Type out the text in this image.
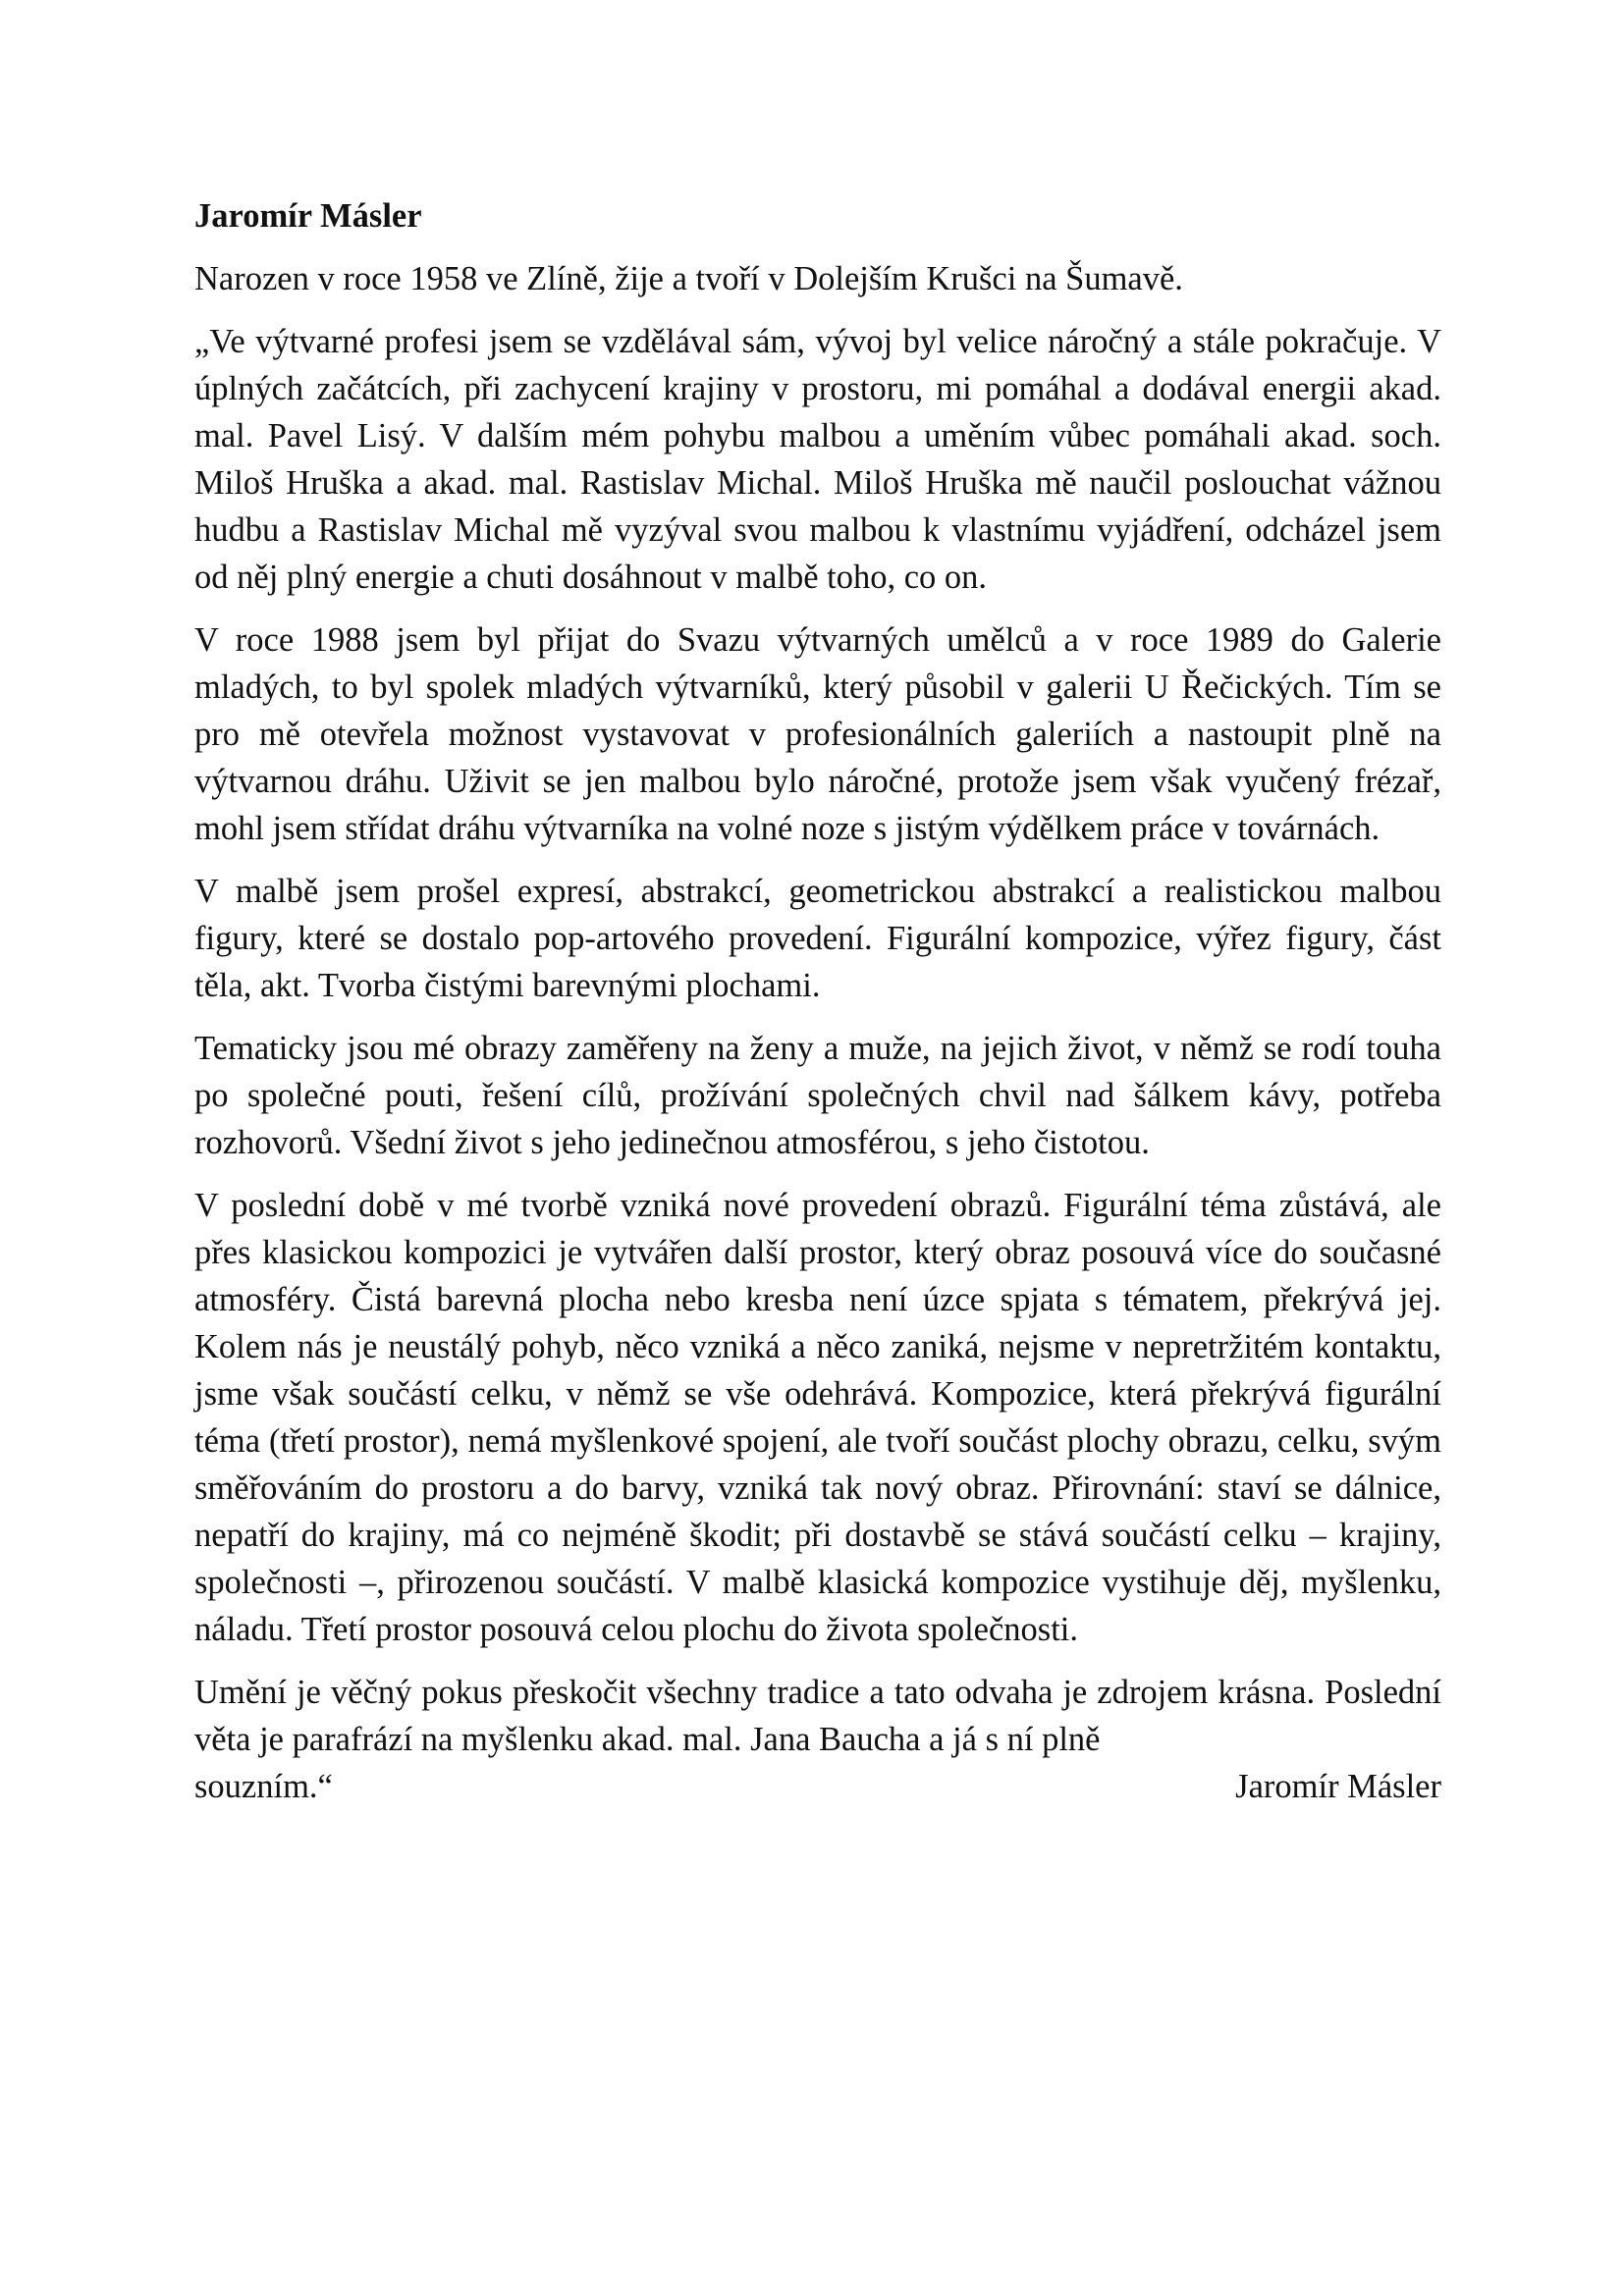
Jaromír Másler

Narozen v roce 1958 ve Zlíně, žije a tvoří v Dolejším Krušci na Šumavě.

„Ve výtvarné profesi jsem se vzdělával sám, vývoj byl velice náročný a stále pokračuje. V úplných začátcích, při zachycení krajiny v prostoru, mi pomáhal a dodával energii akad. mal. Pavel Lisý. V dalším mém pohybu malbou a uměním vůbec pomáhali akad. soch. Miloš Hruška a akad. mal. Rastislav Michal. Miloš Hruška mě naučil poslouchat vážnou hudbu a Rastislav Michal mě vyzýval svou malbou k vlastnímu vyjádření, odcházel jsem od něj plný energie a chuti dosáhnout v malbě toho, co on.

V roce 1988 jsem byl přijat do Svazu výtvarných umělců a v roce 1989 do Galerie mladých, to byl spolek mladých výtvarníků, který působil v galerii U Řečických. Tím se pro mě otevřela možnost vystavovat v profesionálních galeriích a nastoupit plně na výtvarnou dráhu. Uživit se jen malbou bylo náročné, protože jsem však vyučený frézař, mohl jsem střídat dráhu výtvarníka na volné noze s jistým výdělkem práce v továrnách.

V malbě jsem prošel expresí, abstrakcí, geometrickou abstrakcí a realistickou malbou figury, které se dostalo pop-artového provedení. Figurální kompozice, výřez figury, část těla, akt. Tvorba čistými barevnými plochami.

Tematicky jsou mé obrazy zaměřeny na ženy a muže, na jejich život, v němž se rodí touha po společné pouti, řešení cílů, prožívání společných chvil nad šálkem kávy, potřeba rozhovorů. Všední život s jeho jedinečnou atmosférou, s jeho čistotou.

V poslední době v mé tvorbě vzniká nové provedení obrazů. Figurální téma zůstává, ale přes klasickou kompozici je vytvářen další prostor, který obraz posouvá více do současné atmosféry. Čistá barevná plocha nebo kresba není úzce spjata s tématem, překrývá jej. Kolem nás je neustálý pohyb, něco vzniká a něco zaniká, nejsme v nepretržitém kontaktu, jsme však součástí celku, v němž se vše odehrává. Kompozice, která překrývá figurální téma (třetí prostor), nemá myšlenkové spojení, ale tvoří součást plochy obrazu, celku, svým směřováním do prostoru a do barvy, vzniká tak nový obraz. Přirovnání: staví se dálnice, nepatří do krajiny, má co nejméně škodit; při dostavbě se stává součástí celku – krajiny, společnosti –, přirozenou součástí. V malbě klasická kompozice vystihuje děj, myšlenku, náladu. Třetí prostor posouvá celou plochu do života společnosti.

Umění je věčný pokus přeskočit všechny tradice a tato odvaha je zdrojem krásna. Poslední věta je parafrází na myšlenku akad. mal. Jana Baucha a já s ní plně

souzním.“	Jaromír Másler
